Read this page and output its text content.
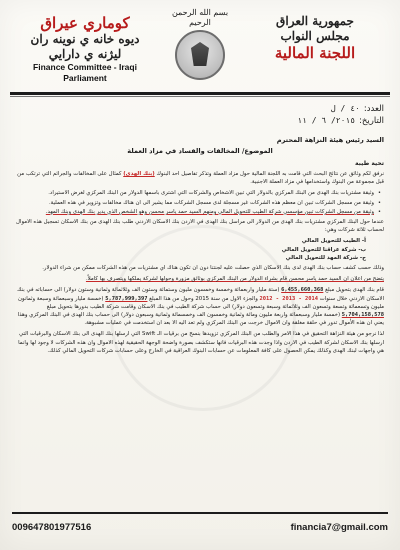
كوماري عيراق
ديوه خانه ي نوينه ران
ليژنه ي دارايي
Finance Committee - Iraqi
Parliament
بسم الله الرحمن الرحيم	جمهورية العراق
مجلس النواب
اللجنة المالية
العدد:
٤٠ / ل
التاريخ:
٢٠١٥/ ٦ / ١١
السيد رئيس هيئة النزاهة المحترم
الموضوع/ المخالفات والفساد في مزاد العملة
تحية طيبة
نرفق لكم وثائق عن نتائج البحث التي قامت به اللجنة المالية حول مزاد العملة وتذكر تفاصيل احد البنوك (بنك الهدى) كمثال على المخالفات والجرائم التي ترتكب من قبل مجموعة من البنوك واستخدامها في مزاد العملة الاجنبية.
• وثيقة مشتريات بنك الهدى من البنك المركزي بالدولار التي تبين الاشخاص والشركات التي اشترى باسمها الدولار من البنك المركزي لغرض الاستيراد.
• وثيقة من مسجل الشركات تبين ان معظم هذه الشركات غير مسجلة لدى مسجل الشركات مما يشير الى ان هناك مخالفات وتزوير في هذه العملية.
• وثيقة من مسجل الشركات تبين مؤسسي شركة الطيب للتحويل المالي ومنهم السيد حمد ياسر محسن وهو الشخص الذي يدير بنك الهدى وبنك المهد.
عندما حول البنك المركزي مشتريات بنك الهدى من الدولار الى مراسل بنك الهدى في الاردن بنك الاسكان الاردني طلب بنك الهدى من بنك الاسكان تسجيل هذه الاموال لحساب ثلاثة شركات وهي:
أ- الطيب للتحويل المالي
ب- شركة عراقنا للتحويل المالي
ج- شركة المهد للتحويل المالي
وذلك حسب كشف حساب بنك الهدى لدى بنك الاسكان الذي حصلت عليه لجنتنا دون ان تكون هناك اي مشتريات من هذه الشركات ممكن من شراء الدولار.
يتضح من اعلان ان السيد حمد ياسر محسن قام بشراء الدولار من البنك المركزي بوثائق مزورة وحولها لشركة يملكها ويتصرف بها كاملاً.
قام بنك الهدى بتحويل مبلغ 6,455,660,368 (ستة مليار واربعمائة وخمسة وخمسون مليون وستمائة وستون الف وثلاثمائة وثمانية وستون دولار) الى حساباته في بنك الاسكان الاردني خلال سنوات 2012 - 2013 - 2014 والجزء الاول من سنة 2015 وحول من هذا المبلغ 5,787,999,397 (خمسة مليار وسبعمائة وسبعة وثمانون مليون وتسعمائة وتسعة وتسعون الف وثلاثمائة وسبعة وتسعون دولار) الى حساب شركة الطيب في بنك الاسكان وقامت شركة الطيب بدورها بتحويل مبلغ 5,704,158,578 (خمسة مليار وسبعمائة واربعة مليون ومائة وثمانية وخمسون الف وخمسمائة وثمانية وسبعون دولار) الى حساب بنك الهدى في البنك المركزي وهذا يعني ان هذه الأموال تدور في حلقة مغلقة وان الاموال خرجت من البنك المركزي ولم تعد اليه الا بعد ان استخدمت في عمليات مشبوهة.
لذا نرجو من هيئة النزاهة التحقيق في هذا الامر والطلب من البنك المركزي تزويدها بنسخ من برقيات الـ Swift التي ارسلها بنك الهدى الى بنك الاسكان والبرقيات التي ارسلها بنك الاسكان لشركة الطيب في الاردن واذا وجدت هذه البرقيات فانها ستكشف بصورة واضحة الوجهة الحقيقية لهذه الاموال وان هذه الشركات لا وجود لها وانما هي واجهات لبنك الهدى وكذلك يمكن الحصول على كافة المعلومات عن حسابات البنوك العراقية في الخارج وعلى حسابات شركات التحويل المالي كذلك.
009647801977516	financia7@gmail.com
